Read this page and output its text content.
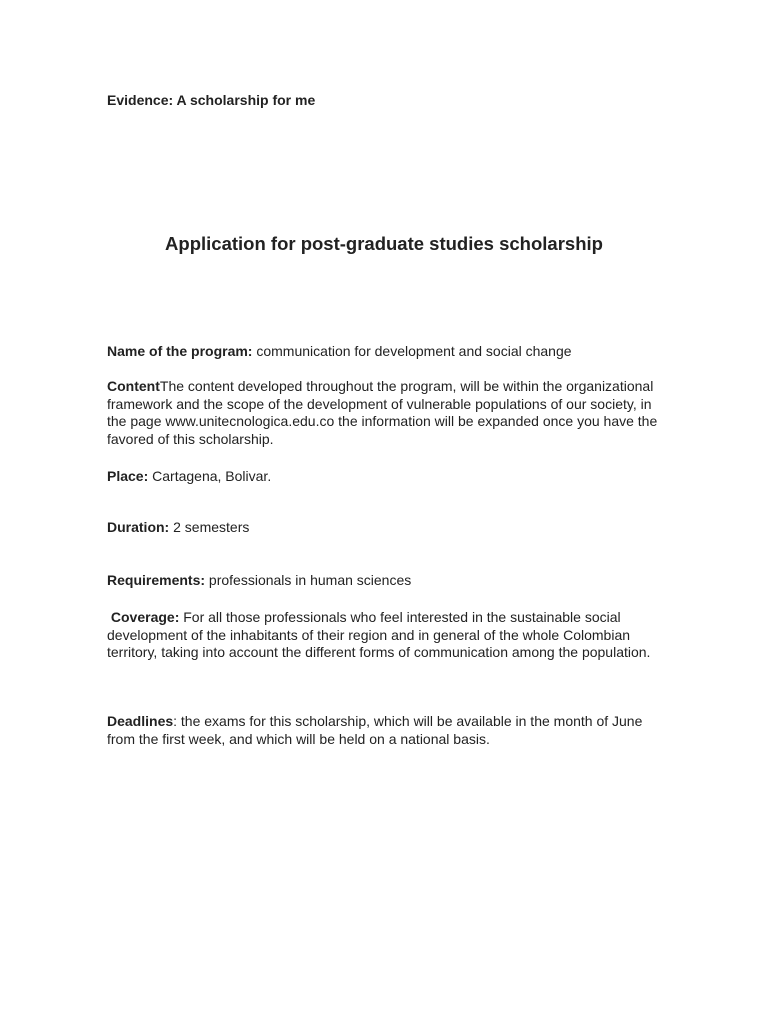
Evidence: A scholarship for me
Application for post-graduate studies scholarship
Name of the program: communication for development and social change
ContentThe content developed throughout the program, will be within the organizational framework and the scope of the development of vulnerable populations of our society, in the page www.unitecnologica.edu.co the information will be expanded once you have the favored of this scholarship.
Place: Cartagena, Bolivar.
Duration: 2 semesters
Requirements: professionals in human sciences
Coverage: For all those professionals who feel interested in the sustainable social development of the inhabitants of their region and in general of the whole Colombian territory, taking into account the different forms of communication among the population.
Deadlines: the exams for this scholarship, which will be available in the month of June from the first week, and which will be held on a national basis.
